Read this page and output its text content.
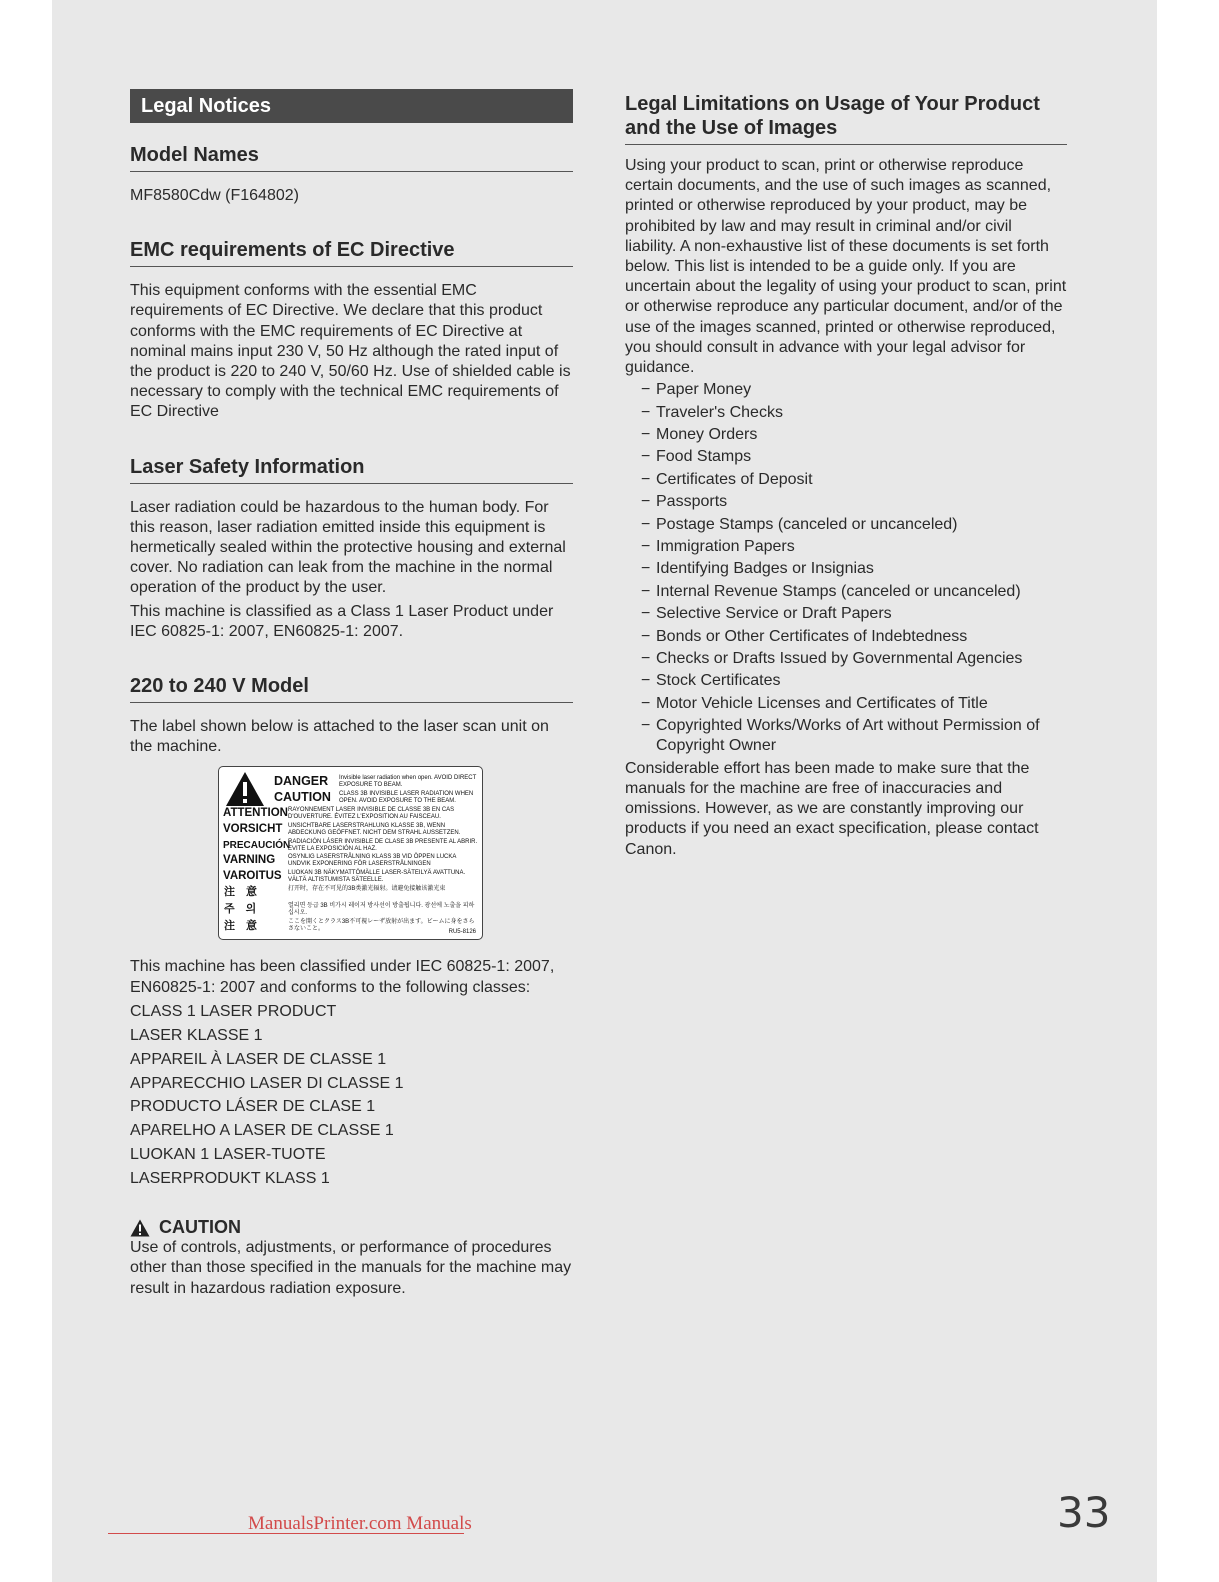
Legal Notices
Model Names

MF8580Cdw (F164802)

EMC requirements of EC Directive

This equipment conforms with the essential EMC requirements of EC Directive. We declare that this product conforms with the EMC requirements of EC Directive at nominal mains input 230 V, 50 Hz although the rated input of the product is 220 to 240 V, 50/60 Hz. Use of shielded cable is necessary to comply with the technical EMC requirements of EC Directive

Laser Safety Information

Laser radiation could be hazardous to the human body. For this reason, laser radiation emitted inside this equipment is hermetically sealed within the protective housing and external cover. No radiation can leak from the machine in the normal operation of the product by the user.

This machine is classified as a Class 1 Laser Product under IEC 60825-1: 2007, EN60825-1: 2007.

220 to 240 V Model

The label shown below is attached to the laser scan unit on the machine.

DANGER
CAUTION
ATTENTION
VORSICHT
PRECAUCIÓN
VARNING
VAROITUS
注　意
주　의
注　意
Invisible laser radiation when open. AVOID DIRECT EXPOSURE TO BEAM.
CLASS 3B INVISIBLE LASER RADIATION WHEN OPEN. AVOID EXPOSURE TO THE BEAM.
RAYONNEMENT LASER INVISIBLE DE CLASSE 3B EN CAS D'OUVERTURE. ÉVITEZ L'EXPOSITION AU FAISCEAU.
UNSICHTBARE LASERSTRAHLUNG KLASSE 3B, WENN ABDECKUNG GEÖFFNET. NICHT DEM STRAHL AUSSETZEN.
RADIACIÓN LÁSER INVISIBLE DE CLASE 3B PRESENTE AL ABRIR. EVITE LA EXPOSICIÓN AL HAZ.
OSYNLIG LASERSTRÅLNING KLASS 3B VID ÖPPEN LUCKA UNDVIK EXPONERING FÖR LASERSTRÅLNINGEN
LUOKAN 3B NÄKYMATTÖMÄLLE LASER-SÄTEILYÄ AVATTUNA. VÄLTÄ ALTISTUMISTA SÄTEELLE.
打开时，存在不可见的3B类激光辐射。请避免接触该激光束
열리면 등급 3B 비가시 레이저 방사선이 방출됩니다. 광선에 노출을 피하십시오.
ここを開くとクラス3B不可視レーザ放射が出ます。ビームに身をさらさないこと。	RU5-8126

This machine has been classified under IEC 60825-1: 2007, EN60825-1: 2007 and conforms to the following classes:

CLASS 1 LASER PRODUCT
LASER KLASSE 1
APPAREIL À LASER DE CLASSE 1
APPARECCHIO LASER DI CLASSE 1
PRODUCTO LÁSER DE CLASE 1
APARELHO A LASER DE CLASSE 1
LUOKAN 1 LASER-TUOTE
LASERPRODUKT KLASS 1
CAUTION

Use of controls, adjustments, or performance of procedures other than those specified in the manuals for the machine may result in hazardous radiation exposure.

Legal Limitations on Usage of Your Product and the Use of Images

Using your product to scan, print or otherwise reproduce certain documents, and the use of such images as scanned, printed or otherwise reproduced by your product, may be prohibited by law and may result in criminal and/or civil liability. A non-exhaustive list of these documents is set forth below. This list is intended to be a guide only. If you are uncertain about the legality of using your product to scan, print or otherwise reproduce any particular document, and/or of the use of the images scanned, printed or otherwise reproduced, you should consult in advance with your legal advisor for guidance.

− Paper Money
− Traveler's Checks
− Money Orders
− Food Stamps
− Certificates of Deposit
− Passports
− Postage Stamps (canceled or uncanceled)
− Immigration Papers
− Identifying Badges or Insignias
− Internal Revenue Stamps (canceled or uncanceled)
− Selective Service or Draft Papers
− Bonds or Other Certificates of Indebtedness
− Checks or Drafts Issued by Governmental Agencies
− Stock Certificates
− Motor Vehicle Licenses and Certificates of Title
− Copyrighted Works/Works of Art without Permission of Copyright Owner

Considerable effort has been made to make sure that the manuals for the machine are free of inaccuracies and omissions. However, as we are constantly improving our products if you need an exact specification, please contact Canon.

ManualsPrinter.com Manuals	33
